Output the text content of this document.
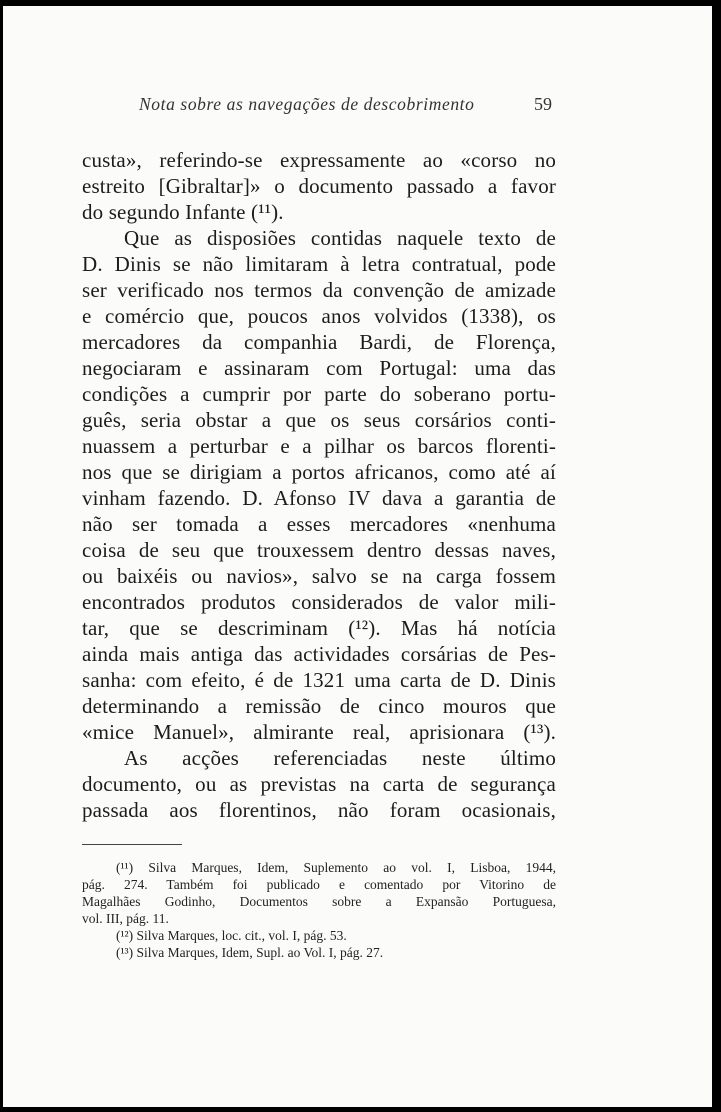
Nota sobre as navegações de descobrimento	59
custa», referindo-se expressamente ao «corso no
estreito [Gibraltar]» o documento passado a favor
do segundo Infante (¹¹).
Que as disposiões contidas naquele texto de
D. Dinis se não limitaram à letra contratual, pode
ser verificado nos termos da convenção de amizade
e comércio que, poucos anos volvidos (1338), os
mercadores da companhia Bardi, de Florença,
negociaram e assinaram com Portugal: uma das
condições a cumprir por parte do soberano portu-
guês, seria obstar a que os seus corsários conti-
nuassem a perturbar e a pilhar os barcos florenti-
nos que se dirigiam a portos africanos, como até aí
vinham fazendo. D. Afonso IV dava a garantia de
não ser tomada a esses mercadores «nenhuma
coisa de seu que trouxessem dentro dessas naves,
ou baixéis ou navios», salvo se na carga fossem
encontrados produtos considerados de valor mili-
tar, que se descriminam (¹²). Mas há notícia
ainda mais antiga das actividades corsárias de Pes-
sanha: com efeito, é de 1321 uma carta de D. Dinis
determinando a remissão de cinco mouros que
«mice Manuel», almirante real, aprisionara (¹³).
As acções referenciadas neste último
documento, ou as previstas na carta de segurança
passada aos florentinos, não foram ocasionais,
(¹¹) Silva Marques, Idem, Suplemento ao vol. I, Lisboa, 1944,
pág. 274. Também foi publicado e comentado por Vitorino de
Magalhães Godinho, Documentos sobre a Expansão Portuguesa,
vol. III, pág. 11.
(¹²) Silva Marques, loc. cit., vol. I, pág. 53.
(¹³) Silva Marques, Idem, Supl. ao Vol. I, pág. 27.
